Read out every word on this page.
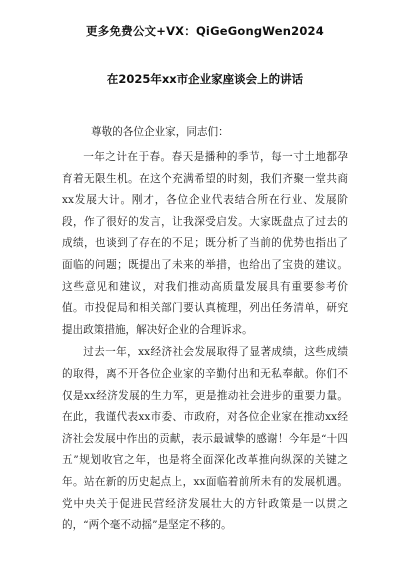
更多免费公文+VX：QiGeGongWen2024
在2025年xx市企业家座谈会上的讲话
尊敬的各位企业家，同志们：

一年之计在于春。春天是播种的季节，每一寸土地都孕育着无限生机。在这个充满希望的时刻，我们齐聚一堂共商xx发展大计。刚才，各位企业代表结合所在行业、发展阶段，作了很好的发言，让我深受启发。大家既盘点了过去的成绩，也谈到了存在的不足；既分析了当前的优势也指出了面临的问题；既提出了未来的举措，也给出了宝贵的建议。这些意见和建议，对我们推动高质量发展具有重要参考价值。市投促局和相关部门要认真梳理，列出任务清单，研究提出政策措施，解决好企业的合理诉求。

过去一年，xx经济社会发展取得了显著成绩，这些成绩的取得，离不开各位企业家的辛勤付出和无私奉献。你们不仅是xx经济发展的生力军，更是推动社会进步的重要力量。在此，我谨代表xx市委、市政府，对各位企业家在推动xx经济社会发展中作出的贡献，表示最诚挚的感谢！今年是“十四五”规划收官之年，也是将全面深化改革推向纵深的关键之年。站在新的历史起点上，xx面临着前所未有的发展机遇。党中央关于促进民营经济发展壮大的方针政策是一以贯之的，“两个毫不动摇”是坚定不移的。
